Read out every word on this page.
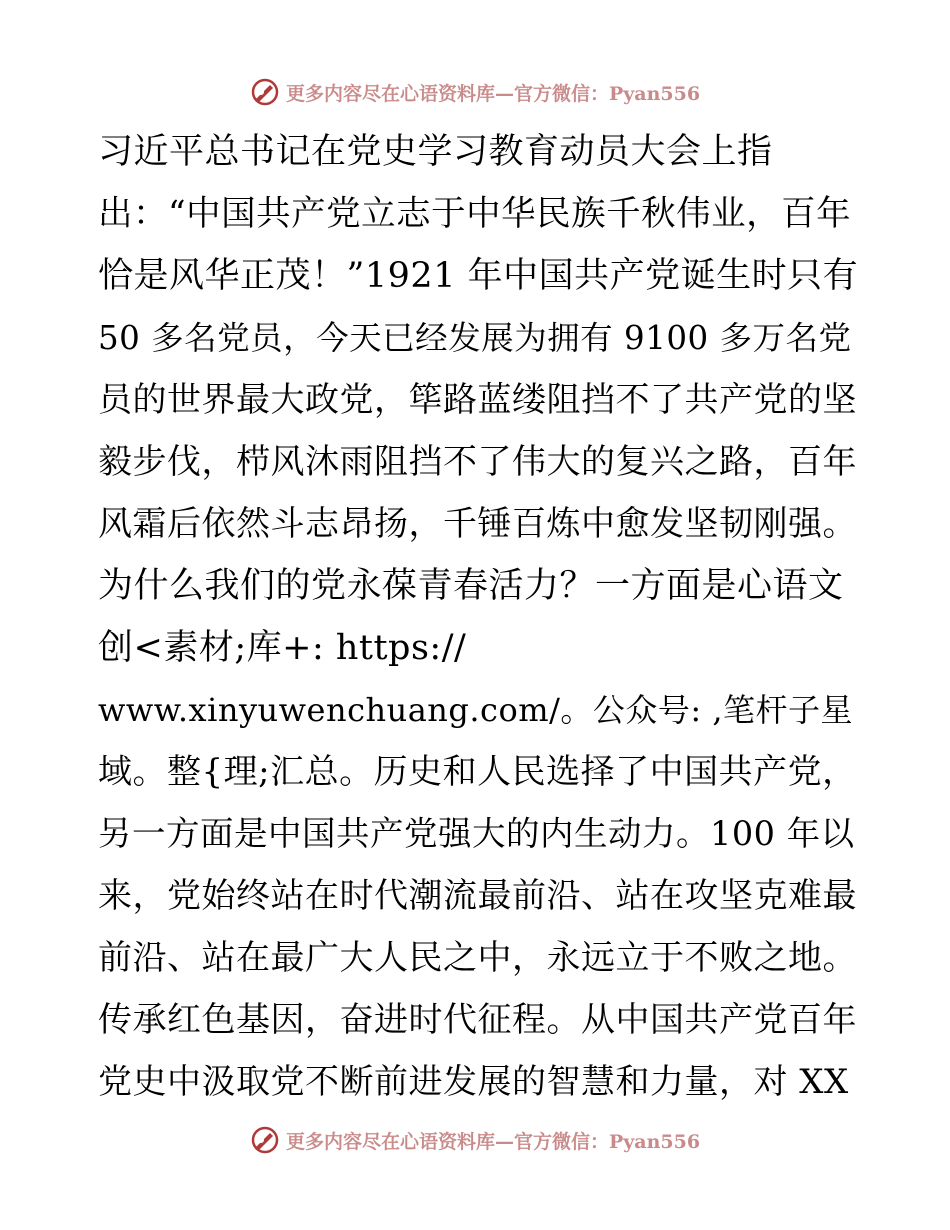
更多内容尽在心语资料库—官方微信：Pyan556
习近平总书记在党史学习教育动员大会上指
出：“中国共产党立志于中华民族千秋伟业，百年
恰是风华正茂！”1921 年中国共产党诞生时只有
50 多名党员，今天已经发展为拥有 9100 多万名党
员的世界最大政党，筚路蓝缕阻挡不了共产党的坚
毅步伐，栉风沐雨阻挡不了伟大的复兴之路，百年
风霜后依然斗志昂扬，千锤百炼中愈发坚韧刚强。
为什么我们的党永葆青春活力？一方面是心语文
创<素材;库+: https://
www.xinyuwenchuang.com/。公众号: ,笔杆子星
域。整{理;汇总。历史和人民选择了中国共产党，
另一方面是中国共产党强大的内生动力。100 年以
来，党始终站在时代潮流最前沿、站在攻坚克难最
前沿、站在最广大人民之中，永远立于不败之地。
传承红色基因，奋进时代征程。从中国共产党百年
党史中汲取党不断前进发展的智慧和力量，对 XX
更多内容尽在心语资料库—官方微信：Pyan556
